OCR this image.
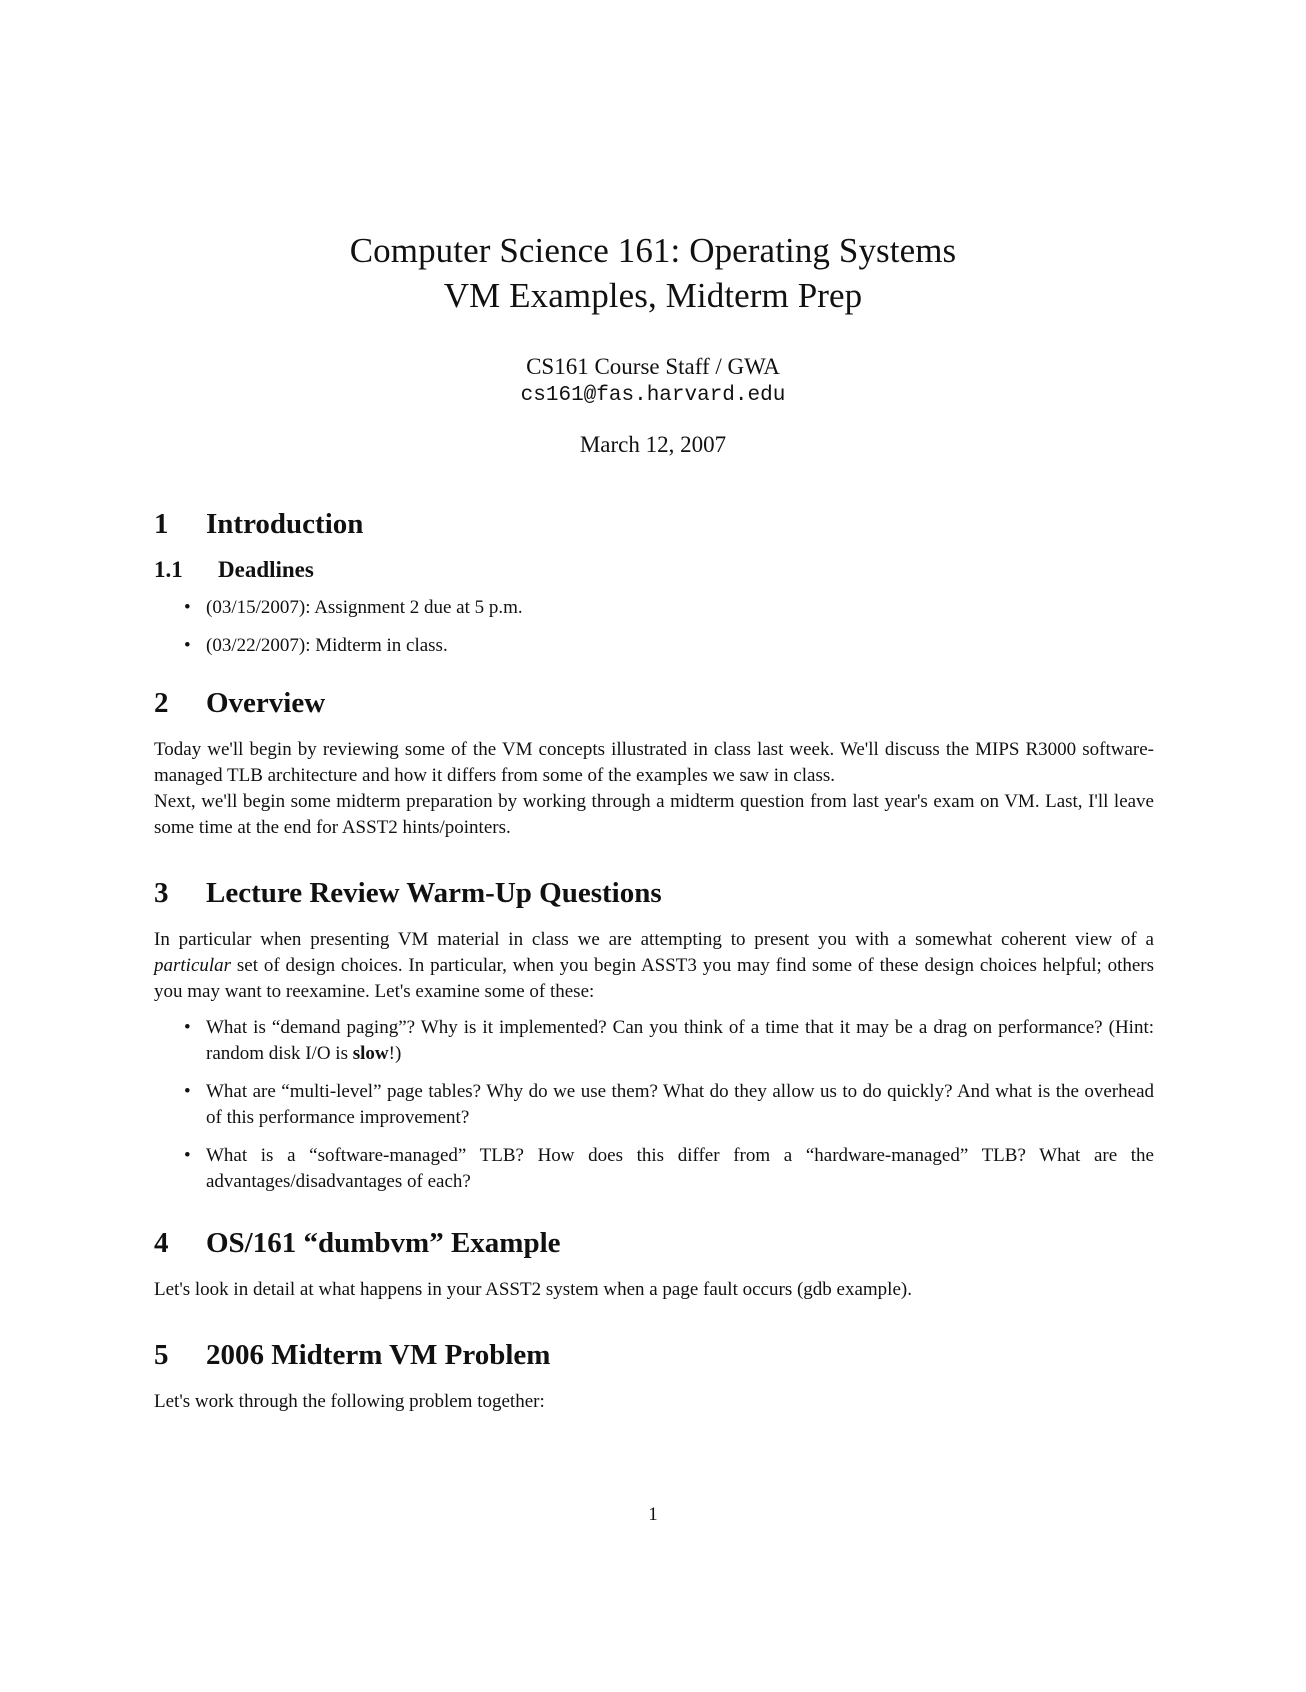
Computer Science 161: Operating Systems
VM Examples, Midterm Prep
CS161 Course Staff / GWA
cs161@fas.harvard.edu
March 12, 2007
1 Introduction
1.1 Deadlines
• (03/15/2007): Assignment 2 due at 5 p.m.
• (03/22/2007): Midterm in class.
2 Overview

Today we'll begin by reviewing some of the VM concepts illustrated in class last week. We'll discuss the MIPS R3000 software-managed TLB architecture and how it differs from some of the examples we saw in class.

Next, we'll begin some midterm preparation by working through a midterm question from last year's exam on VM. Last, I'll leave some time at the end for ASST2 hints/pointers.

3 Lecture Review Warm-Up Questions

In particular when presenting VM material in class we are attempting to present you with a somewhat coherent view of a particular set of design choices. In particular, when you begin ASST3 you may find some of these design choices helpful; others you may want to reexamine. Let's examine some of these:

• What is “demand paging”? Why is it implemented? Can you think of a time that it may be a drag on performance? (Hint: random disk I/O is slow!)
• What are “multi-level” page tables? Why do we use them? What do they allow us to do quickly? And what is the overhead of this performance improvement?
• What is a “software-managed” TLB? How does this differ from a “hardware-managed” TLB? What are the advantages/disadvantages of each?
4 OS/161 “dumbvm” Example

Let's look in detail at what happens in your ASST2 system when a page fault occurs (gdb example).

5 2006 Midterm VM Problem

Let's work through the following problem together:

1
